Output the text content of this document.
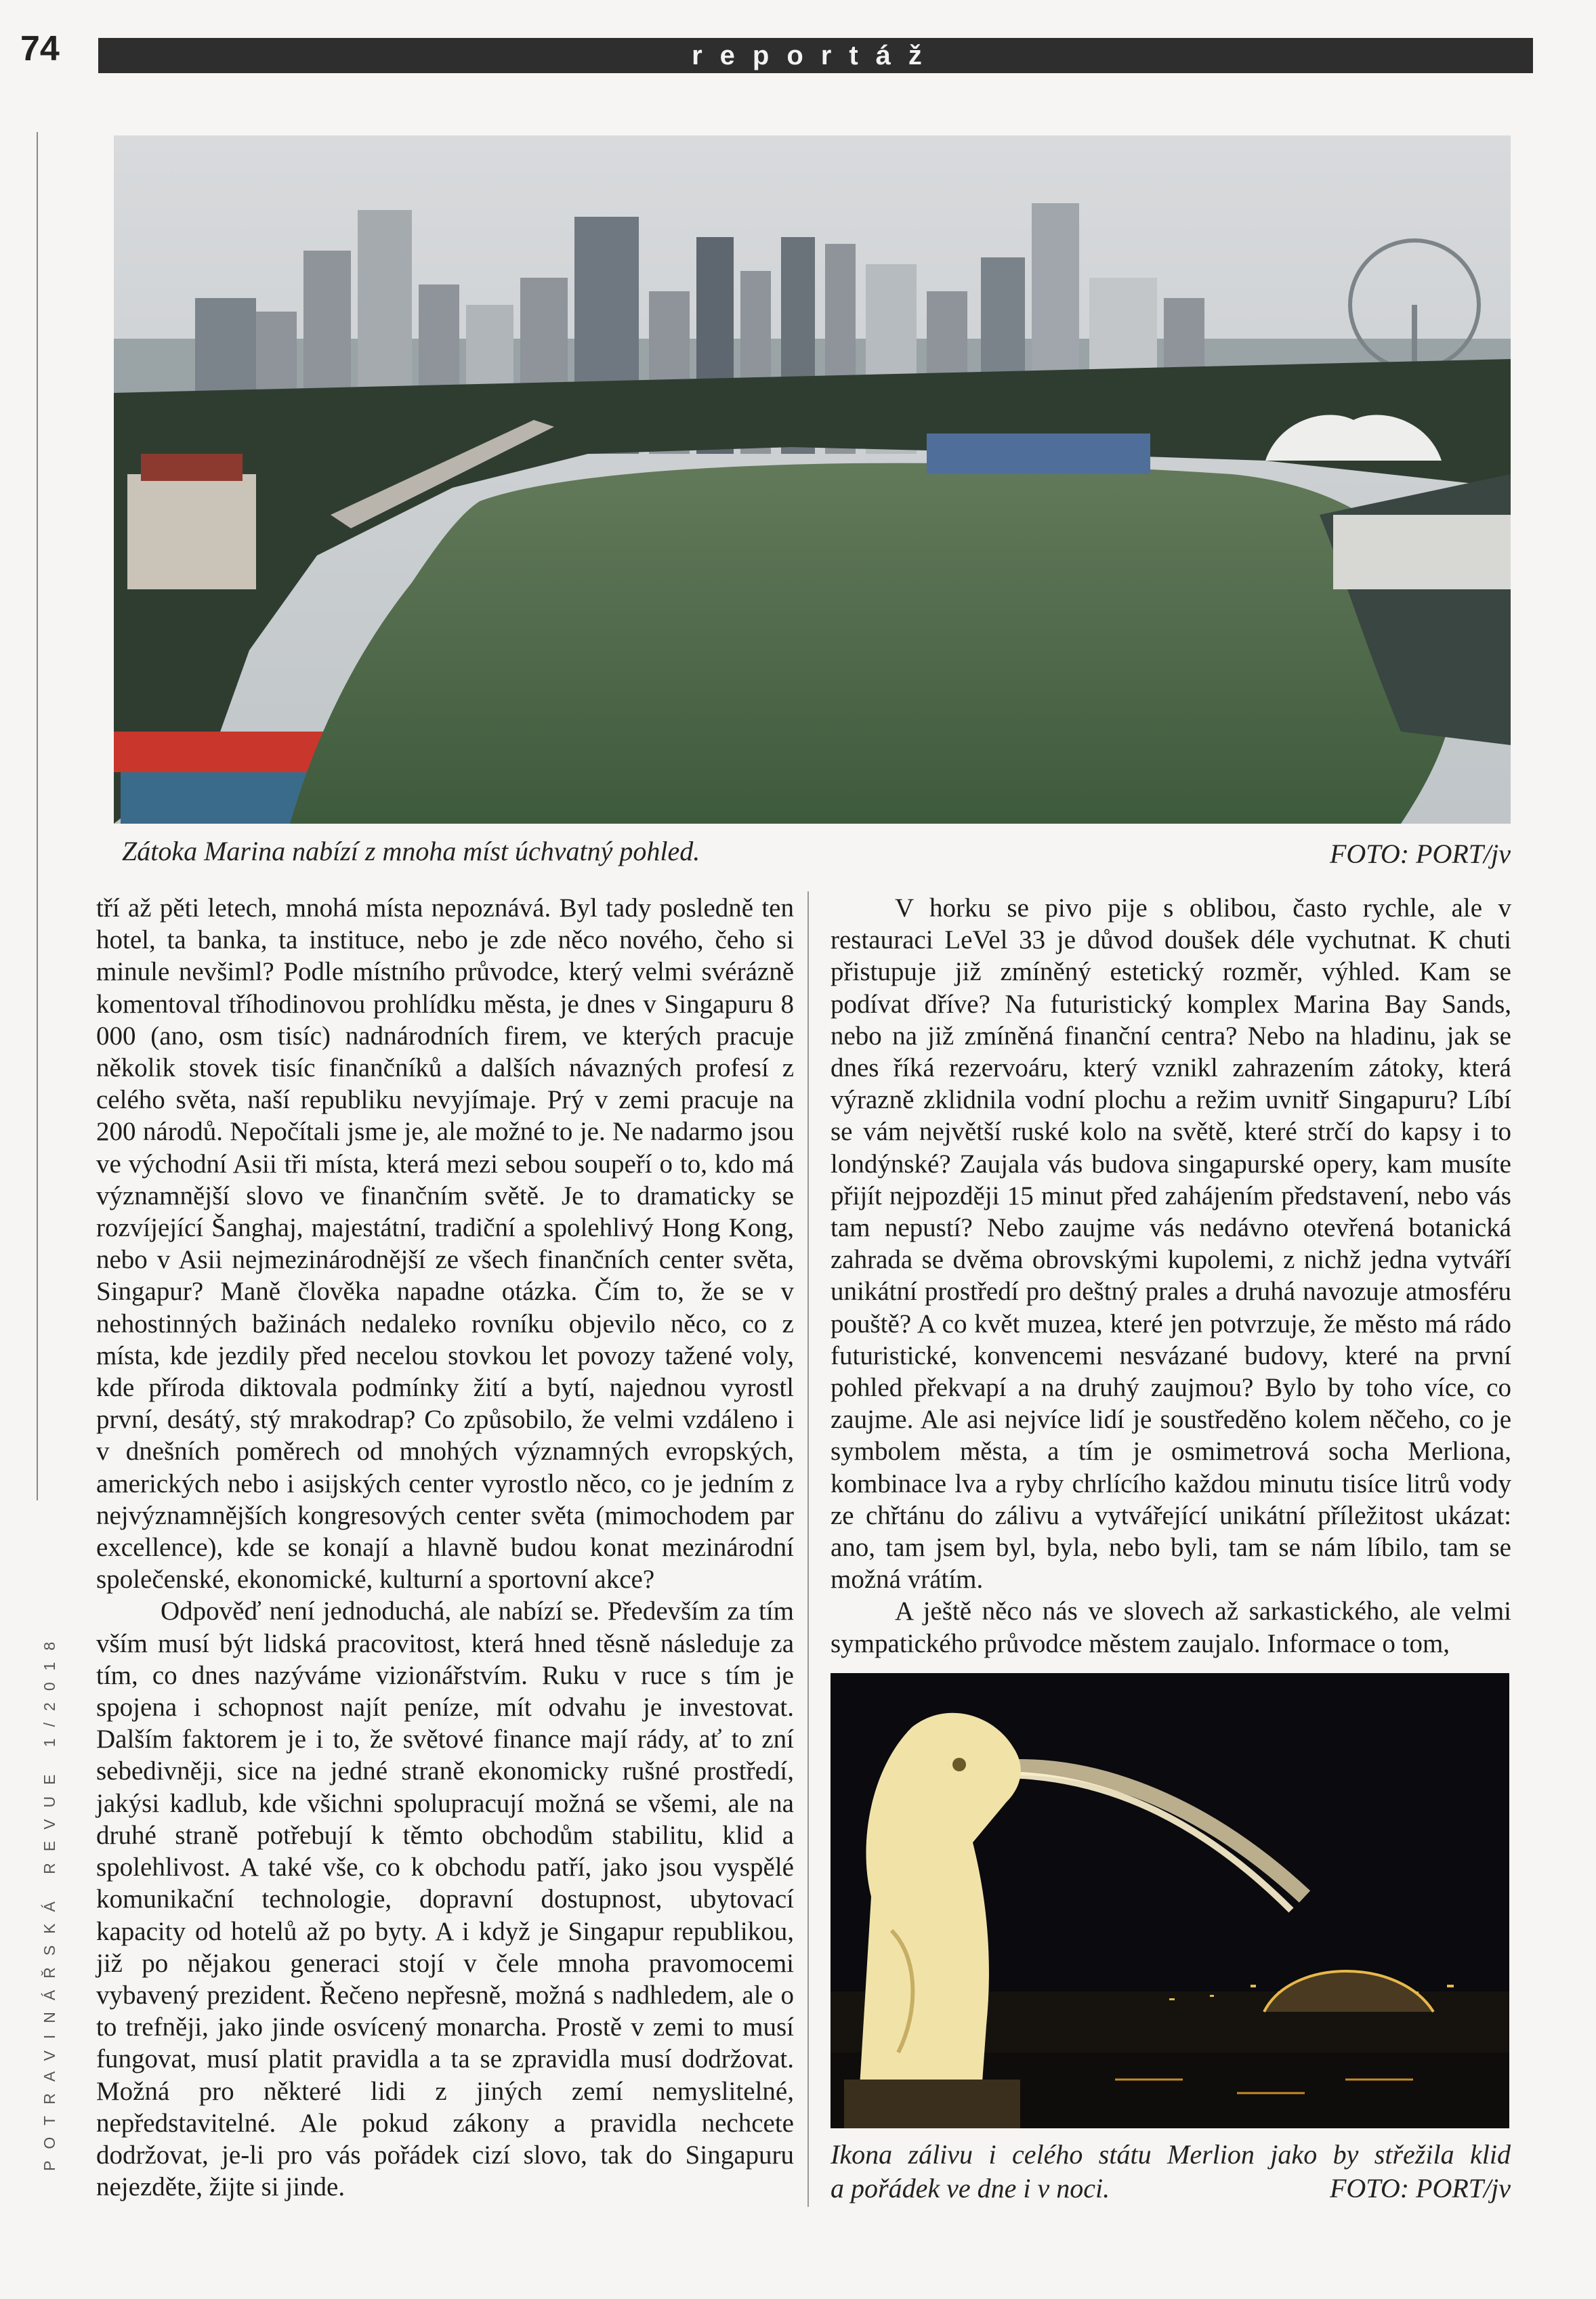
74	reportáž
POTRAVINÁŘSKÁ REVUE 1/2018
Zátoka Marina nabízí z mnoha míst úchvatný pohled.	FOTO: PORT/jv

tří až pěti letech, mnohá místa nepoznává. Byl tady posledně ten hotel, ta banka, ta instituce, nebo je zde něco nového, čeho si minule nevšiml? Podle místního průvodce, který velmi svérázně komentoval tříhodinovou prohlídku města, je dnes v Singapuru 8 000 (ano, osm tisíc) nadnárodních firem, ve kterých pracuje několik stovek tisíc finančníků a dalších návazných profesí z celého světa, naší republiku nevyjímaje. Prý v zemi pracuje na 200 národů. Nepočítali jsme je, ale možné to je. Ne nadarmo jsou ve východní Asii tři místa, která mezi sebou soupeří o to, kdo má významnější slovo ve finančním světě. Je to dramaticky se rozvíjející Šanghaj, majestátní, tradiční a spolehlivý Hong Kong, nebo v Asii nejmezinárodnější ze všech finančních center světa, Singapur? Maně člověka napadne otázka. Čím to, že se v nehostinných bažinách nedaleko rovníku objevilo něco, co z místa, kde jezdily před necelou stovkou let povozy tažené voly, kde příroda diktovala podmínky žití a bytí, najednou vyrostl první, desátý, stý mrakodrap? Co způsobilo, že velmi vzdáleno i v dnešních poměrech od mnohých významných evropských, amerických nebo i asijských center vyrostlo něco, co je jedním z nejvýznamnějších kongresových center světa (mimochodem par excellence), kde se konají a hlavně budou konat mezinárodní společenské, ekonomické, kulturní a sportovní akce?

Odpověď není jednoduchá, ale nabízí se. Především za tím vším musí být lidská pracovitost, která hned těsně následuje za tím, co dnes nazýváme vizionářstvím. Ruku v ruce s tím je spojena i schopnost najít peníze, mít odvahu je investovat. Dalším faktorem je i to, že světové finance mají rády, ať to zní sebedivněji, sice na jedné straně ekonomicky rušné prostředí, jakýsi kadlub, kde všichni spolupracují možná se všemi, ale na druhé straně potřebují k těmto obchodům stabilitu, klid a spolehlivost. A také vše, co k obchodu patří, jako jsou vyspělé komunikační technologie, dopravní dostupnost, ubytovací kapacity od hotelů až po byty. A i když je Singapur republikou, již po nějakou generaci stojí v čele mnoha pravomocemi vybavený prezident. Řečeno nepřesně, možná s nadhledem, ale o to trefněji, jako jinde osvícený monarcha. Prostě v zemi to musí fungovat, musí platit pravidla a ta se zpravidla musí dodržovat. Možná pro některé lidi z jiných zemí nemyslitelné, nepředstavitelné. Ale pokud zákony a pravidla nechcete dodržovat, je-li pro vás pořádek cizí slovo, tak do Singapuru nejezděte, žijte si jinde.

V horku se pivo pije s oblibou, často rychle, ale v restauraci LeVel 33 je důvod doušek déle vychutnat. K chuti přistupuje již zmíněný estetický rozměr, výhled. Kam se podívat dříve? Na futuristický komplex Marina Bay Sands, nebo na již zmíněná finanční centra? Nebo na hladinu, jak se dnes říká rezervoáru, který vznikl zahrazením zátoky, která výrazně zklidnila vodní plochu a režim uvnitř Singapuru? Líbí se vám největší ruské kolo na světě, které strčí do kapsy i to londýnské? Zaujala vás budova singapurské opery, kam musíte přijít nejpozději 15 minut před zahájením představení, nebo vás tam nepustí? Nebo zaujme vás nedávno otevřená botanická zahrada se dvěma obrovskými kupolemi, z nichž jedna vytváří unikátní prostředí pro deštný prales a druhá navozuje atmosféru pouště? A co květ muzea, které jen potvrzuje, že město má rádo futuristické, konvencemi nesvázané budovy, které na první pohled překvapí a na druhý zaujmou? Bylo by toho více, co zaujme. Ale asi nejvíce lidí je soustředěno kolem něčeho, co je symbolem města, a tím je osmimetrová socha Merliona, kombinace lva a ryby chrlícího každou minutu tisíce litrů vody ze chřtánu do zálivu a vytvářející unikátní příležitost ukázat: ano, tam jsem byl, byla, nebo byli, tam se nám líbilo, tam se možná vrátím.

A ještě něco nás ve slovech až sarkastického, ale velmi sympatického průvodce městem zaujalo. Informace o tom,

Ikona zálivu i celého státu Merlion jako by střežila klid
a pořádek ve dne i v noci.	FOTO: PORT/jv
